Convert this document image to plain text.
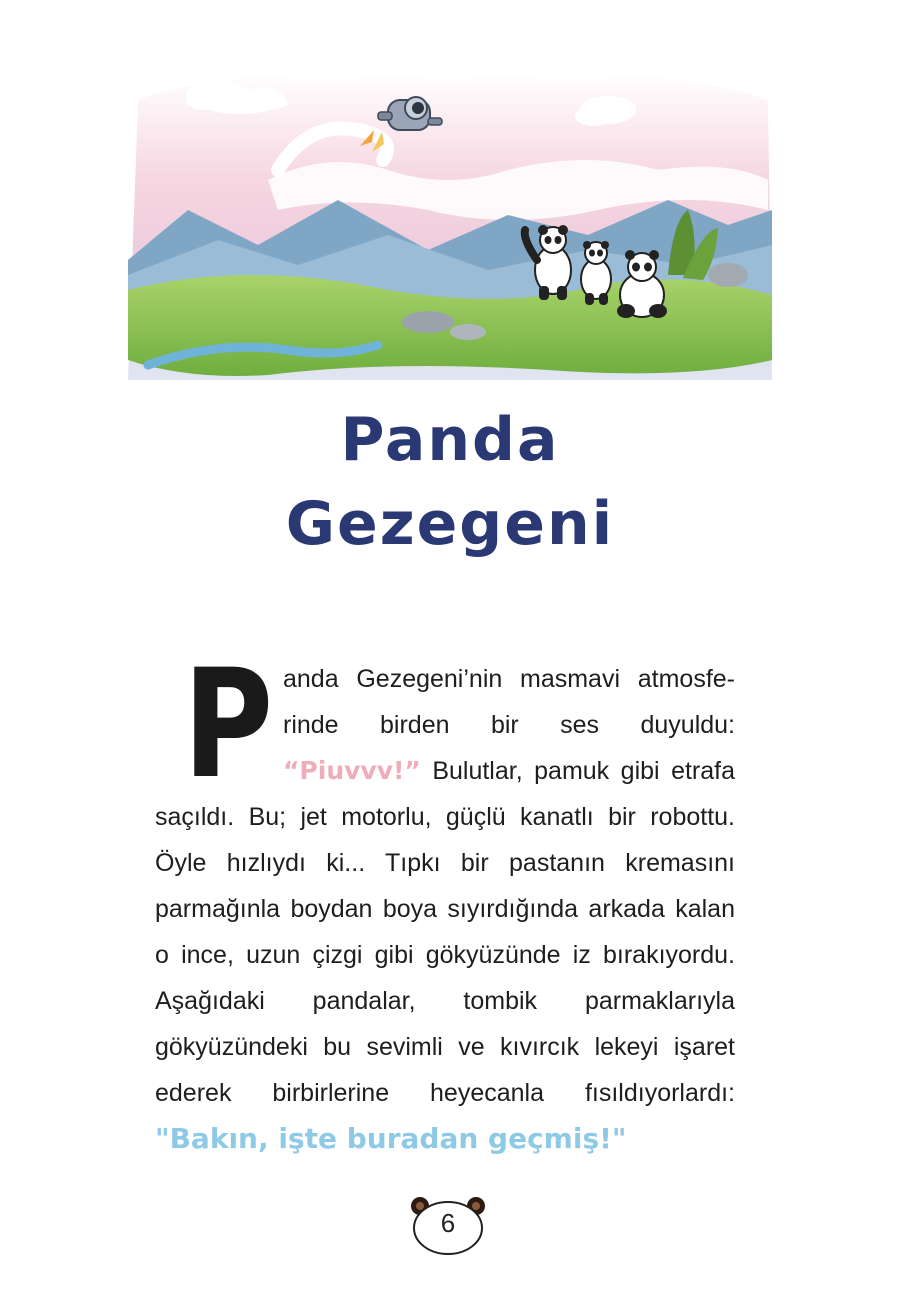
Panda
Gezegeni
Panda Gezegeni’nin masmavi atmosferinde birden bir ses duyuldu: “Piuvvv!” Bulutlar, pamuk gibi etrafa saçıldı. Bu; jet motorlu, güçlü kanatlı bir robottu. Öyle hızlıydı ki... Tıpkı bir pastanın kremasını parmağınla boydan boya sıyırdığında arkada kalan o ince, uzun çizgi gibi gökyüzünde iz bırakıyordu. Aşağıdaki pandalar, tombik parmaklarıyla gökyüzündeki bu sevimli ve kıvırcık lekeyi işaret ederek birbirlerine heyecanla fısıldıyorlardı: "Bakın, işte buradan geçmiş!"
6
